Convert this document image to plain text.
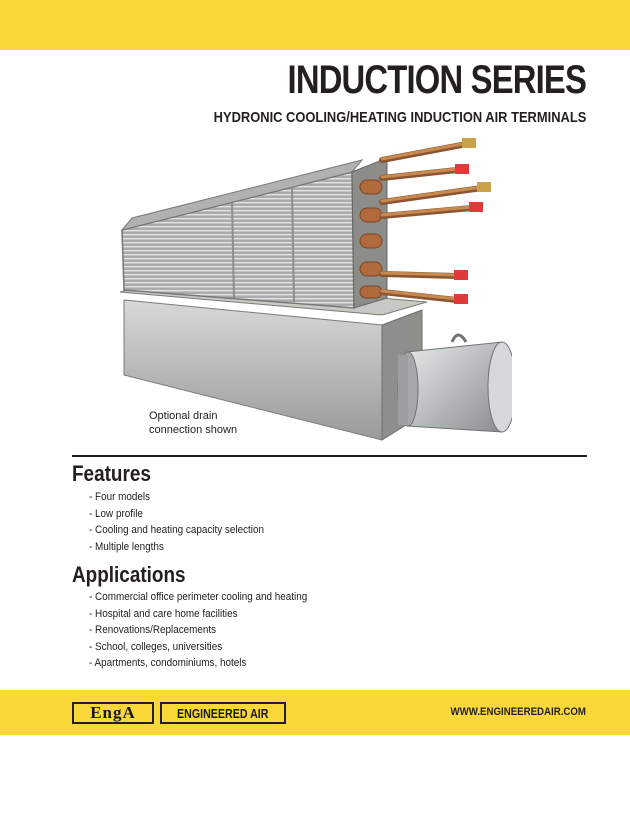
INDUCTION SERIES
HYDRONIC COOLING/HEATING INDUCTION AIR TERMINALS
Optional drain
connection shown
Features
- Four models
- Low profile
- Cooling and heating capacity selection
- Multiple lengths
Applications
- Commercial office perimeter cooling and heating
- Hospital and care home facilities
- Renovations/Replacements
- School, colleges, universities
- Apartments, condominiums, hotels
EngA	ENGINEERED AIR	WWW.ENGINEEREDAIR.COM
